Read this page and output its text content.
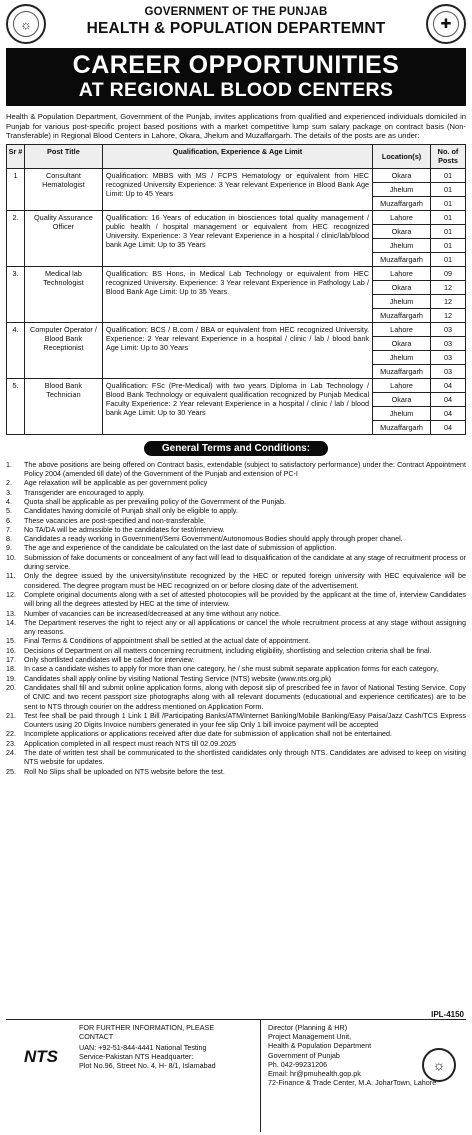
☼
GOVERNMENT OF THE PUNJAB
HEALTH & POPULATION DEPARTEMNT	✚
CAREER OPPORTUNITIES
AT REGIONAL BLOOD CENTERS

Health & Population Department, Government of the Punjab, invites applications from qualified and experienced individuals domiciled in Punjab for various post-specific project based positions with a market competitive lump sum salary package on contract basis (Non-Transferable) in Regional Blood Centers in Lahore, Okara, Jhelum and Muzaffargarh. The details of the posts are as under:

Sr #	Post Title	Qualification, Experience & Age Limit	Location(s)	No. of Posts
1	Consultant Hematologist	Qualification: MBBS with MS / FCPS Hematology or equivalent from HEC recognized University Experience: 3 Year relevant Experience in Blood Bank Age Limit: Up to 45 Years	Okara	01
			Jhelum	01
			Muzaffargarh	01
2.	Quality Assurance Officer	Qualification: 16 Years of education in biosciences total quality management / public health / hospital management or equivalent from HEC recognized University. Experience: 3 Year relevant Experience in a hospital / clinic/lab/blood bank Age Limit: Up to 35 Years	Lahore	01
			Okara	01
			Jhelum	01
			Muzaffargarh	01
3.	Medical lab Technologist	Qualification: BS Hons, in Medical Lab Technology or equivalent from HEC recognized University. Experience: 3 Year relevant Experience in Pathology Lab / Blood Bank Age Limit: Up to 35 Years.	Lahore	09
			Okara	12
			Jhelum	12
			Muzaffargarh	12
4.	Computer Operator / Blood Bank Receptionist	Qualification: BCS / B.com / BBA or equivalent from HEC recognized University. Experience: 2 Year relevant Experience in a hospital / clinic / lab / blood bank Age Limit: Up to 30 Years	Lahore	03
			Okara	03
			Jhelum	03
			Muzaffargarh	03
5.	Blood Bank Technician	Qualification: FSc (Pre-Medical) with two years Diploma in Lab Technology / Blood Bank Technology or equivalent qualification recognized by Punjab Medical Faculty Experience: 2 Year relevant Experience in a hospital / clinic / lab / blood bank Age Limit: Up to 30 Years	Lahore	04
			Okara	04
			Jhelum	04
			Muzaffargarh	04
General Terms and Conditions:
1.	The above positions are being offered on Contract basis, extendable (subject to satisfactory performance) under the: Contract Appointment Policy 2004 (amended till date) of the Government of the Punjab and extension of PC-I
2.	Age relaxation will be applicable as per government policy
3.	Transgender are encouraged to apply.
4.	Quota shall be applicable as per prevailing policy of the Government of the Punjab.
5.	Candidates having domicile of Punjab shall only be eligible to apply.
6.	These vacancies are post-specified and non-transferable.
7.	No TA/DA will be admissible to the candidates for test/interview.
8.	Candidates a ready working in Government/Semi Government/Autonomous Bodies should apply through proper chanel.
9.	The age and experience of the candidate be calculated on the last date of submission of appliction.
10.	Submission of fake documents or concealment of any fact will lead to disqualification of the candidate at any stage of recruitment process or during service.
11.	Only the degree issued by the university/institute recognized by the HEC or reputed foreign university with HEC equivalence will be considered. The degree program must be HEC recognized on or before closing date of the advertisement.
12.	Complete original documents along with a set of attested photocopies will be provided by the applicant at the time of, interview Candidates will bring all the degrees attested by HEC at the time of interview.
13.	Number of vacancies can be increased/decreased at any time without any notice.
14.	The Department reserves the right to reject any or all applications or cancel the whole recruitment process at any stage without assigning any reasons.
15.	Final Terms & Conditions of appointment shall be settled at the actual date of appointment.
16.	Decisions of Department on all matters concerning recruitment, including eligibility, shortlisting and selection criteria shall be final.
17.	Only shortlisted candidates will be called for interview.
18.	In case a candidate wishes to apply for more than one category, he / she must submit separate application forms for each category,
19.	Candidates shall apply online by visiting National Testing Service (NTS) website (www.nts.org.pk)
20.	Candidates shall fill and submit online application forms, along with deposit slip of prescribed fee in favor of National Testing Service. Copy of CNIC and two recent passport size photographs along with all relevant documents (educational and experience certificates) are to be sent to NTS through courier on the address mentioned on Application Form.
21.	Test fee shall be paid through 1 Link 1 Bill /Participating Banks/ATM/Internet Banking/Mobile Banking/Easy Paisa/Jazz Cash/TCS Express Counters using 20 Digits Invoice numbers generated in your fee slip Only 1 bill invoice payment will be accepted
22.	Incomplete applications or applications received after due date for submission of application shall not be entertained.
23.	Application completed in all respect must reach NTS till 02.09.2025
24.	The date of written test shall be communicated to the shortlisted candidates only through NTS. Candidates are advised to keep on visiting NTS website for updates.
25.	Roll No Slips shall be uploaded on NTS website before the test.
IPL-4150
NTS
FOR FURTHER INFORMATION, PLEASE
CONTACT
UAN: +92-51-844-4441 National Testing
Service-Pakistan NTS Headquarter:
Plot No.96, Street No. 4, H- 8/1, Islamabad
Director (Planning & HR)
Project Management Unit,
Health & Population Department
Government of Punjab
Ph. 042-99231206
Email: hr@pmuhealth.gop.pk
72-Finance & Trade Center, M.A. JoharTown, Lahore
☼
